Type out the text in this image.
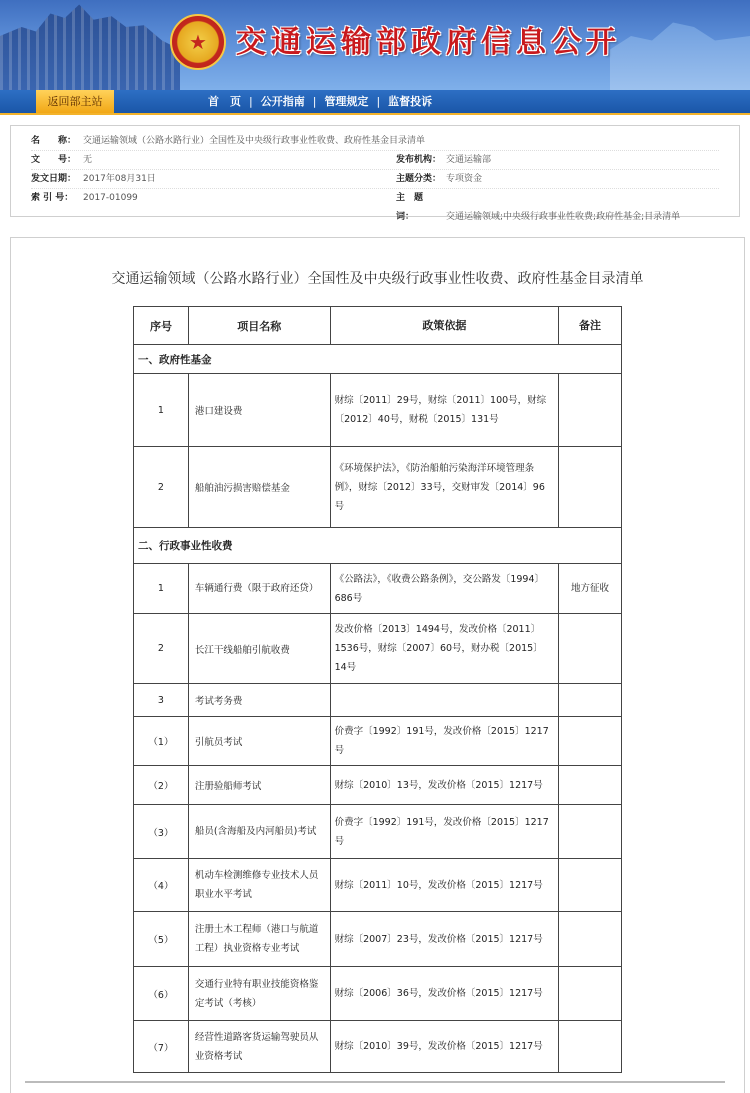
★
交通运输部政府信息公开
返回部主站	首　页 | 公开指南 | 管理规定 | 监督投诉
名　　称： 交通运输领域（公路水路行业）全国性及中央级行政事业性收费、政府性基金目录清单
文　　号： 无	发布机构： 交通运输部
发文日期： 2017年08月31日	主题分类： 专项资金
索 引 号： 2017-01099	主　题　词：	交通运输领域;中央级行政事业性收费;政府性基金;目录清单
交通运输领域（公路水路行业）全国性及中央级行政事业性收费、政府性基金目录清单
序号	项目名称	政策依据	备注
一、政府性基金			
1	港口建设费	财综〔2011〕29号，财综〔2011〕100号，财综〔2012〕40号，财税〔2015〕131号	
2	船舶油污损害赔偿基金	《环境保护法》，《防治船舶污染海洋环境管理条例》，财综〔2012〕33号，交财审发〔2014〕96号	
二、行政事业性收费			
1	车辆通行费（限于政府还贷）	《公路法》，《收费公路条例》，交公路发〔1994〕686号	地方征收
2	长江干线船舶引航收费	发改价格〔2013〕1494号，发改价格〔2011〕1536号，财综〔2007〕60号，财办税〔2015〕14号	
3	考试考务费		
（1）	引航员考试	价费字〔1992〕191号，发改价格〔2015〕1217号	
（2）	注册验船师考试	财综〔2010〕13号，发改价格〔2015〕1217号	
（3）	船员(含海船及内河船员)考试	价费字〔1992〕191号，发改价格〔2015〕1217号	
（4）	机动车检测维修专业技术人员职业水平考试	财综〔2011〕10号，发改价格〔2015〕1217号	
（5）	注册土木工程师（港口与航道工程）执业资格专业考试	财综〔2007〕23号，发改价格〔2015〕1217号	
（6）	交通行业特有职业技能资格鉴定考试（考核）	财综〔2006〕36号，发改价格〔2015〕1217号	
（7）	经营性道路客货运输驾驶员从业资格考试	财综〔2010〕39号，发改价格〔2015〕1217号	
